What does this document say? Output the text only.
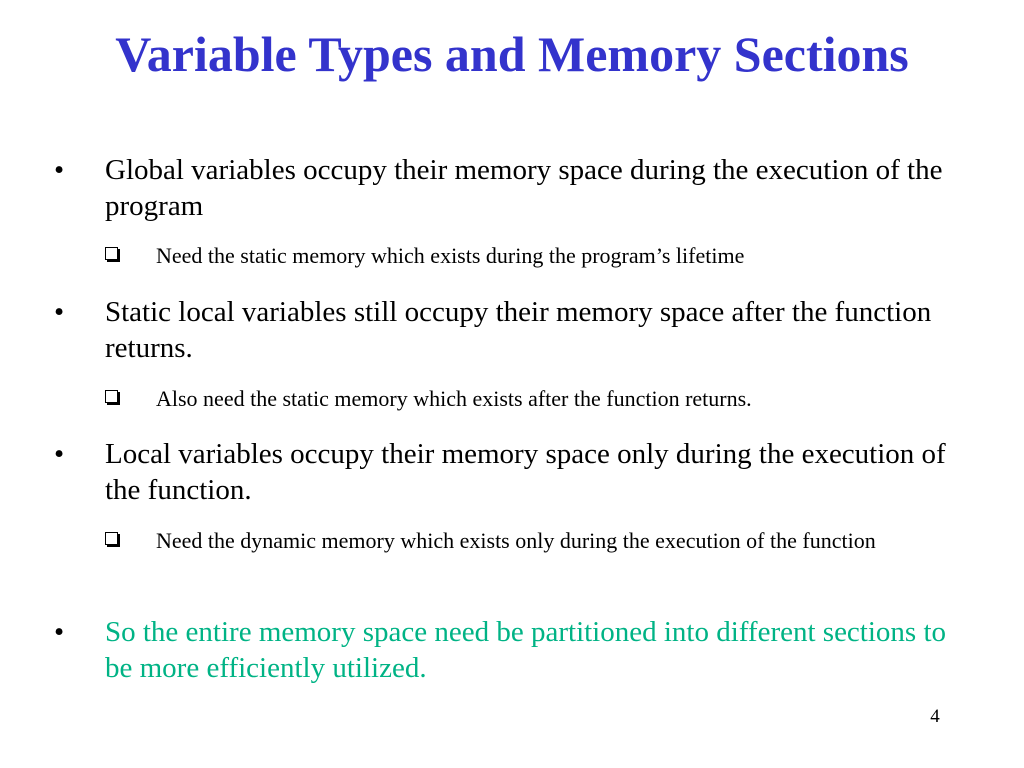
Variable Types and Memory Sections
• Global variables occupy their memory space during the execution of the program
Need the static memory which exists during the program’s lifetime
• Static local variables still occupy their memory space after the function returns.
Also need the static memory which exists after the function returns.
• Local variables occupy their memory space only during the execution of the function.
Need the dynamic memory which exists only during the execution of the function
• So the entire memory space need be partitioned into different sections to be more efficiently utilized.
4
